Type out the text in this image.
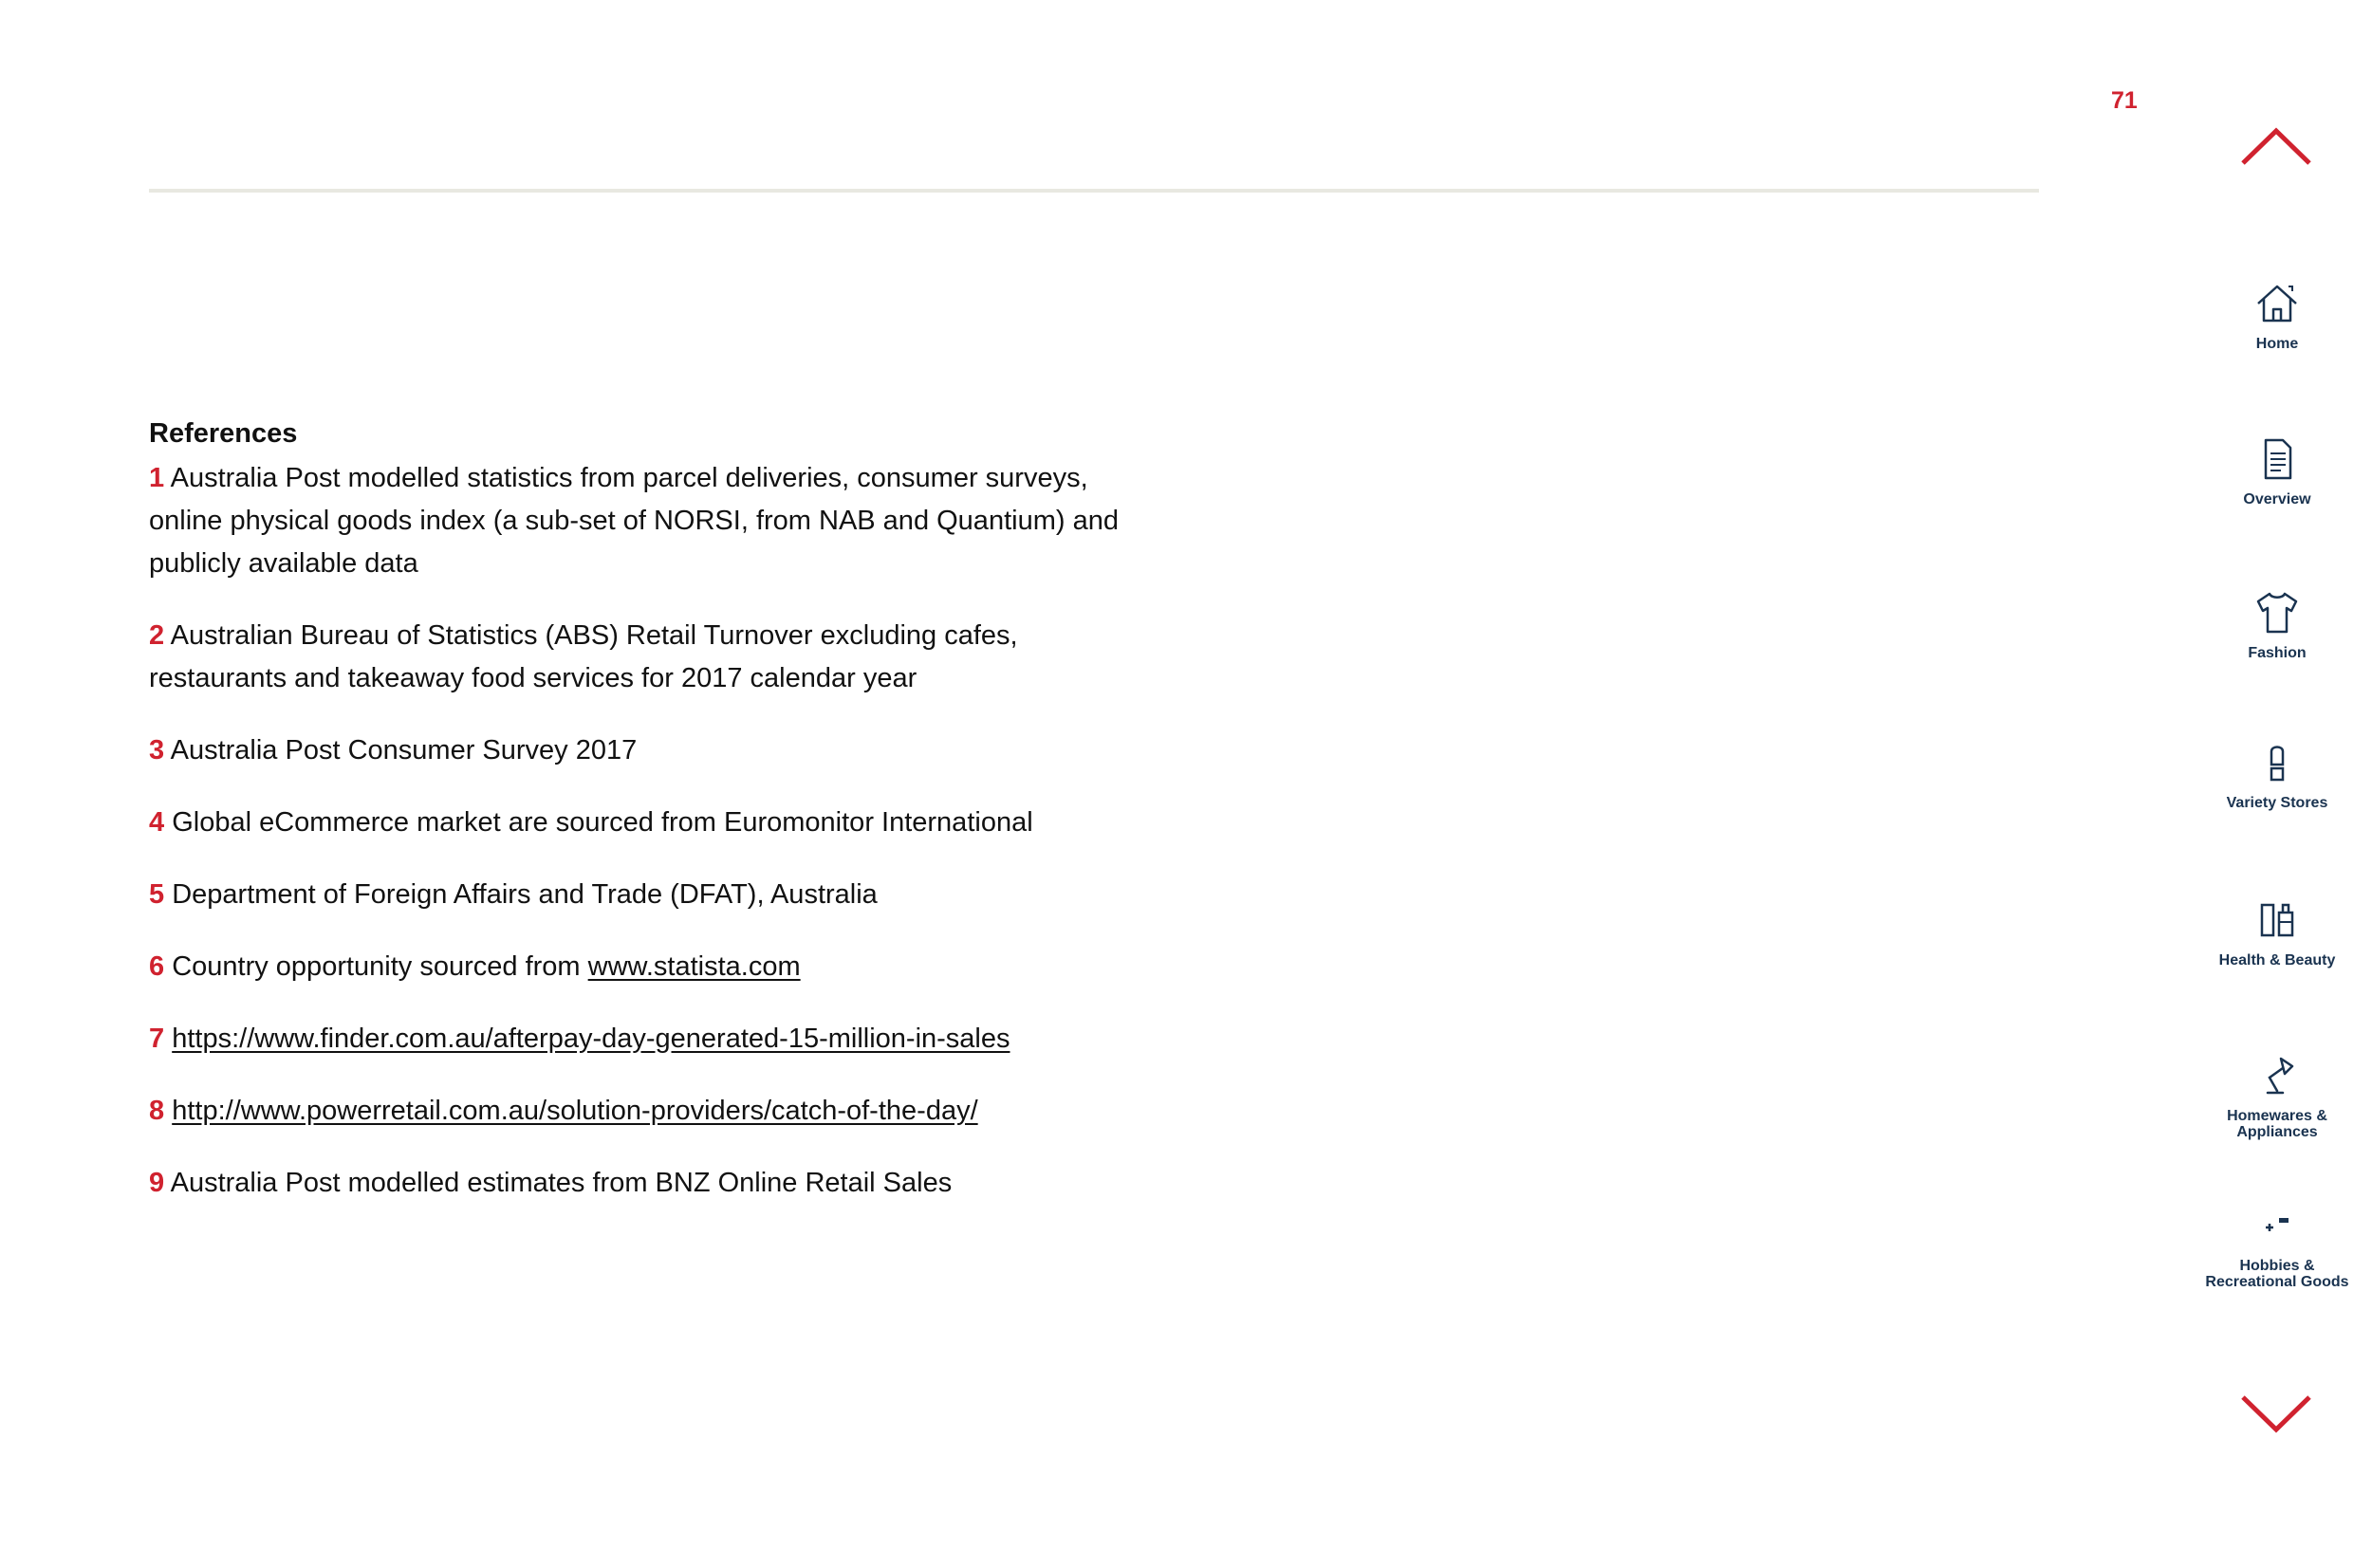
71
References

1 Australia Post modelled statistics from parcel deliveries, consumer surveys, online physical goods index (a sub-set of NORSI, from NAB and Quantium) and publicly available data

2 Australian Bureau of Statistics (ABS) Retail Turnover excluding cafes, restaurants and takeaway food services for 2017 calendar year

3 Australia Post Consumer Survey 2017

4 Global eCommerce market are sourced from Euromonitor International

5 Department of Foreign Affairs and Trade (DFAT), Australia

6 Country opportunity sourced from www.statista.com

7 https://www.finder.com.au/afterpay-day-generated-15-million-in-sales

8 http://www.powerretail.com.au/solution-providers/catch-of-the-day/

9 Australia Post modelled estimates from BNZ Online Retail Sales

Home
Overview
Fashion
Variety Stores
Health & Beauty
Homewares & Appliances
Hobbies & Recreational Goods
